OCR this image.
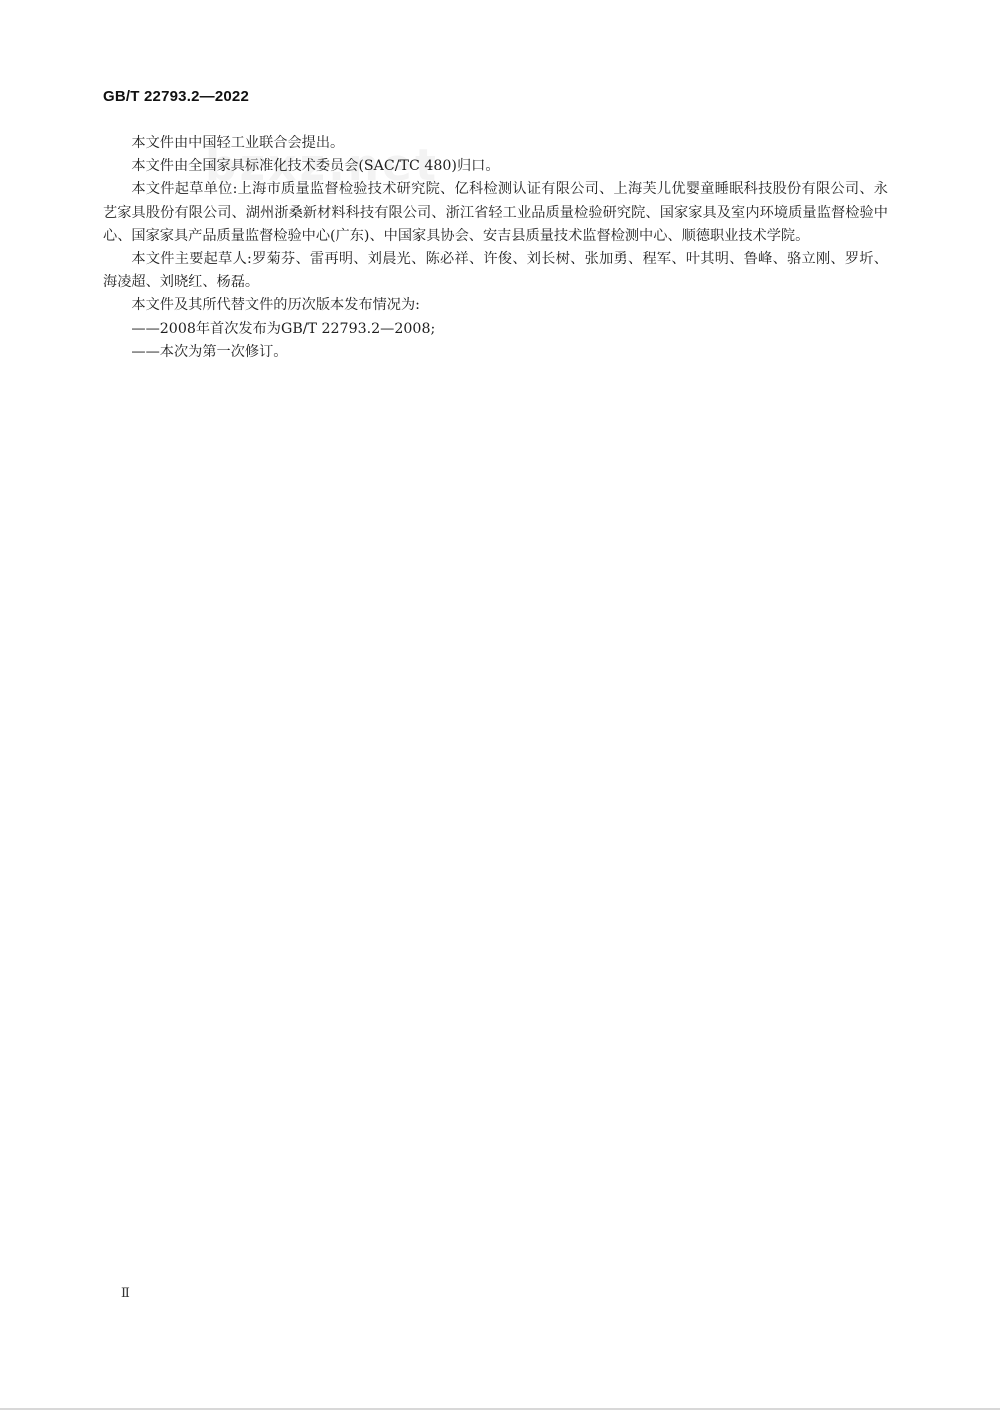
GB/T 22793.2—2022

本文件由中国轻工业联合会提出。

本文件由全国家具标准化技术委员会(SAC/TC 480)归口。

本文件起草单位:上海市质量监督检验技术研究院、亿科检测认证有限公司、上海芙儿优婴童睡眠科技股份有限公司、永艺家具股份有限公司、湖州浙桑新材料科技有限公司、浙江省轻工业品质量检验研究院、国家家具及室内环境质量监督检验中心、国家家具产品质量监督检验中心(广东)、中国家具协会、安吉县质量技术监督检测中心、顺德职业技术学院。

本文件主要起草人:罗菊芬、雷再明、刘晨光、陈必祥、许俊、刘长树、张加勇、程军、叶其明、鲁峰、骆立刚、罗圻、海凌超、刘晓红、杨磊。

本文件及其所代替文件的历次版本发布情况为:

——2008年首次发布为GB/T 22793.2—2008;

——本次为第一次修订。

Ⅱ
